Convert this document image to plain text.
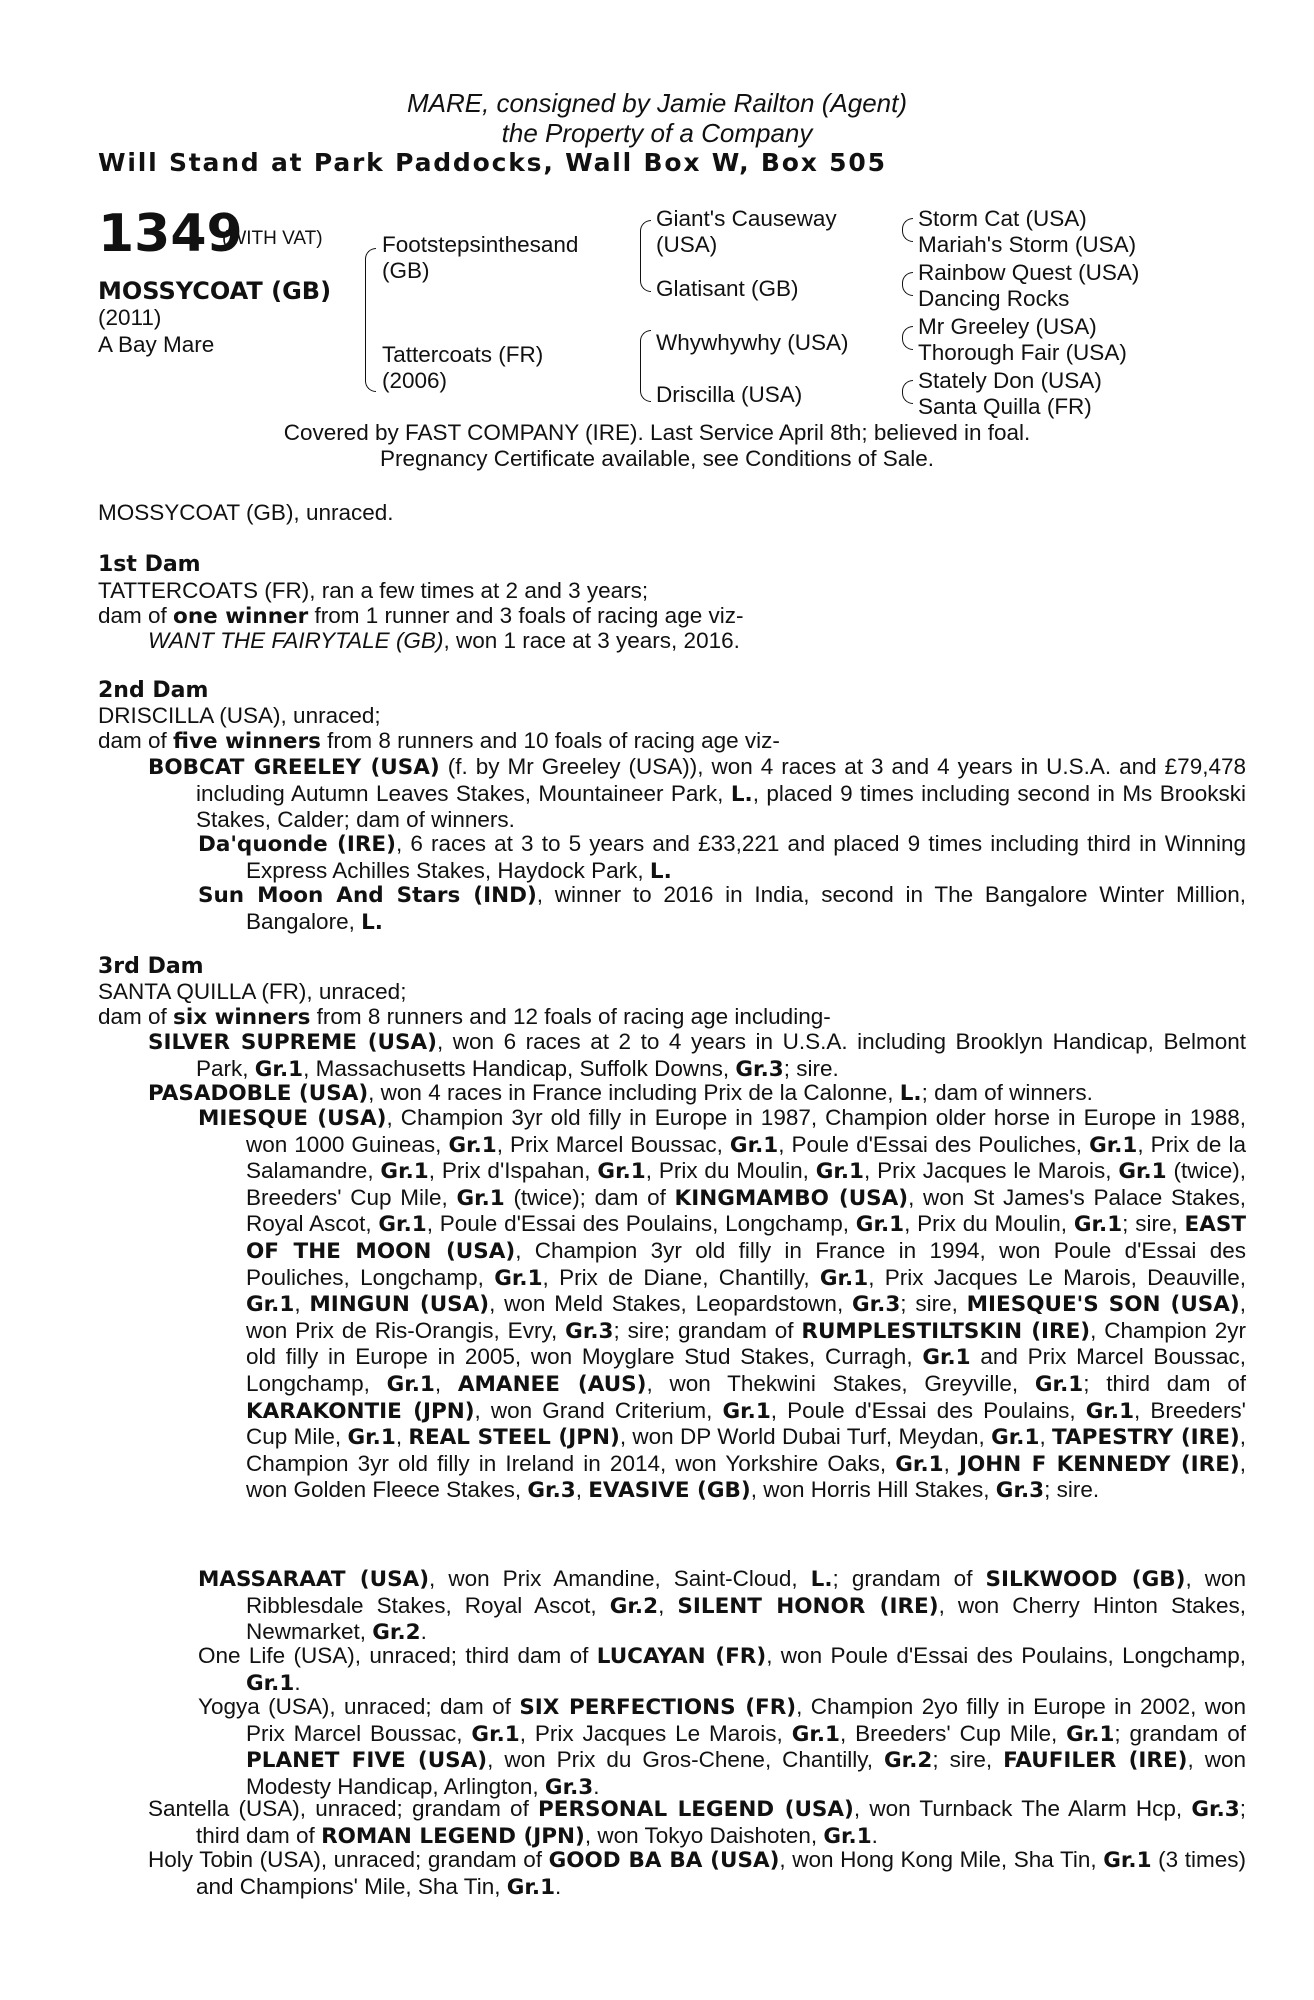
MARE, consigned by Jamie Railton (Agent)
the Property of a Company
Will Stand at Park Paddocks, Wall Box W, Box 505
1349
(WITH VAT)
MOSSYCOAT (GB)
(2011)
A Bay Mare
Footstepsinthesand
(GB)
Tattercoats (FR)
(2006)
Giant's Causeway
(USA)
Glatisant (GB)
Whywhywhy (USA)
Driscilla (USA)
Storm Cat (USA)
Mariah's Storm (USA)
Rainbow Quest (USA)
Dancing Rocks
Mr Greeley (USA)
Thorough Fair (USA)
Stately Don (USA)
Santa Quilla (FR)
Covered by FAST COMPANY (IRE). Last Service April 8th; believed in foal.
Pregnancy Certificate available, see Conditions of Sale.
MOSSYCOAT (GB), unraced.
1st Dam
TATTERCOATS (FR), ran a few times at 2 and 3 years;
dam of one winner from 1 runner and 3 foals of racing age viz-
WANT THE FAIRYTALE (GB), won 1 race at 3 years, 2016.
2nd Dam
DRISCILLA (USA), unraced;
dam of five winners from 8 runners and 10 foals of racing age viz-
BOBCAT GREELEY (USA) (f. by Mr Greeley (USA)), won 4 races at 3 and 4 years in U.S.A. and £79,478 including Autumn Leaves Stakes, Mountaineer Park, L., placed 9 times including second in Ms Brookski Stakes, Calder; dam of winners.
Da'quonde (IRE), 6 races at 3 to 5 years and £33,221 and placed 9 times including third in Winning Express Achilles Stakes, Haydock Park, L.
Sun Moon And Stars (IND), winner to 2016 in India, second in The Bangalore Winter Million, Bangalore, L.
3rd Dam
SANTA QUILLA (FR), unraced;
dam of six winners from 8 runners and 12 foals of racing age including-
SILVER SUPREME (USA), won 6 races at 2 to 4 years in U.S.A. including Brooklyn Handicap, Belmont Park, Gr.1, Massachusetts Handicap, Suffolk Downs, Gr.3; sire.
PASADOBLE (USA), won 4 races in France including Prix de la Calonne, L.; dam of winners.
MIESQUE (USA), Champion 3yr old filly in Europe in 1987, Champion older horse in Europe in 1988, won 1000 Guineas, Gr.1, Prix Marcel Boussac, Gr.1, Poule d'Essai des Pouliches, Gr.1, Prix de la Salamandre, Gr.1, Prix d'Ispahan, Gr.1, Prix du Moulin, Gr.1, Prix Jacques le Marois, Gr.1 (twice), Breeders' Cup Mile, Gr.1 (twice); dam of KINGMAMBO (USA), won St James's Palace Stakes, Royal Ascot, Gr.1, Poule d'Essai des Poulains, Longchamp, Gr.1, Prix du Moulin, Gr.1; sire, EAST OF THE MOON (USA), Champion 3yr old filly in France in 1994, won Poule d'Essai des Pouliches, Longchamp, Gr.1, Prix de Diane, Chantilly, Gr.1, Prix Jacques Le Marois, Deauville, Gr.1, MINGUN (USA), won Meld Stakes, Leopardstown, Gr.3; sire, MIESQUE'S SON (USA), won Prix de Ris-Orangis, Evry, Gr.3; sire; grandam of RUMPLESTILTSKIN (IRE), Champion 2yr old filly in Europe in 2005, won Moyglare Stud Stakes, Curragh, Gr.1 and Prix Marcel Boussac, Longchamp, Gr.1, AMANEE (AUS), won Thekwini Stakes, Greyville, Gr.1; third dam of KARAKONTIE (JPN), won Grand Criterium, Gr.1, Poule d'Essai des Poulains, Gr.1, Breeders' Cup Mile, Gr.1, REAL STEEL (JPN), won DP World Dubai Turf, Meydan, Gr.1, TAPESTRY (IRE), Champion 3yr old filly in Ireland in 2014, won Yorkshire Oaks, Gr.1, JOHN F KENNEDY (IRE), won Golden Fleece Stakes, Gr.3, EVASIVE (GB), won Horris Hill Stakes, Gr.3; sire.
MASSARAAT (USA), won Prix Amandine, Saint-Cloud, L.; grandam of SILKWOOD (GB), won Ribblesdale Stakes, Royal Ascot, Gr.2, SILENT HONOR (IRE), won Cherry Hinton Stakes, Newmarket, Gr.2.
One Life (USA), unraced; third dam of LUCAYAN (FR), won Poule d'Essai des Poulains, Longchamp, Gr.1.
Yogya (USA), unraced; dam of SIX PERFECTIONS (FR), Champion 2yo filly in Europe in 2002, won Prix Marcel Boussac, Gr.1, Prix Jacques Le Marois, Gr.1, Breeders' Cup Mile, Gr.1; grandam of PLANET FIVE (USA), won Prix du Gros-Chene, Chantilly, Gr.2; sire, FAUFILER (IRE), won Modesty Handicap, Arlington, Gr.3.
Santella (USA), unraced; grandam of PERSONAL LEGEND (USA), won Turnback The Alarm Hcp, Gr.3; third dam of ROMAN LEGEND (JPN), won Tokyo Daishoten, Gr.1.
Holy Tobin (USA), unraced; grandam of GOOD BA BA (USA), won Hong Kong Mile, Sha Tin, Gr.1 (3 times) and Champions' Mile, Sha Tin, Gr.1.
